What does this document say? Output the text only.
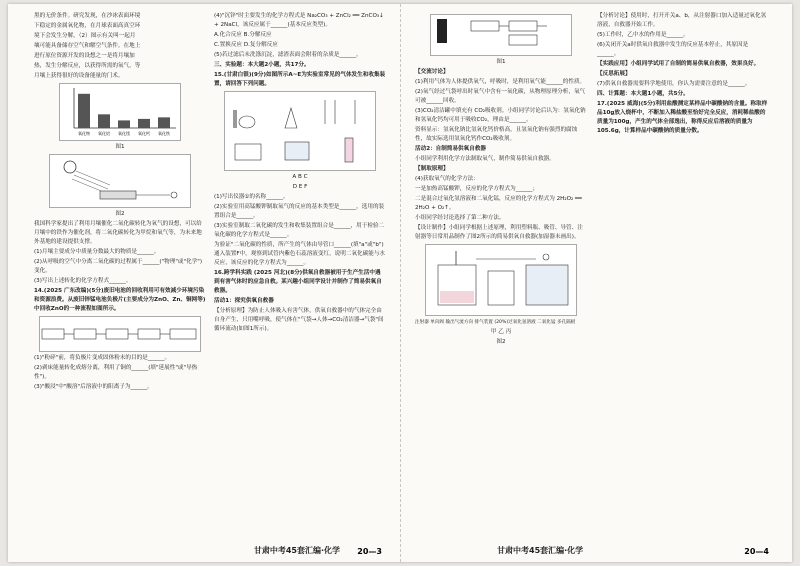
黑的无价条件。研究发现，在沙冰表面环境

下稳定的金属氧化物，在月球表面高真空环

境下会发生分解，（2）图示有关叫一起月

壤可能具备储存空气和解空气条件。在地上

进行原位资源开发的设想之一是将月壤加

热，发生分解反应，以获得所需的氧气，等

月壤上获得很好的设备能量的门术。

氧化物 氧化铝 氧化镁 氧化钙 氧化铁

图1

图2

我国科学家提出了利用月壤催化二氧化碳转化为氧气的设想，可以给月壤中的铁作为催化剂，将二氧化碳转化为甲烷和氧气等，为未来地外基地的建设提供支撑。

(1)月壤主要成分中质量分数最大的物质是______。

(2)从呼吸的空气中分离二氧化碳的过程属于______("物理"或"化学")变化。

(3)写出上述转化的化学方程式______。

14.(2025 广东改编)(5分)废旧电池的回收利用可有效减少环境污染和资源浪费。从废旧锌锰电池负极片(主要成分为ZnO、Zn、铜网等)中回收ZnO的一种流程如图所示。

(1)"粉碎"前，将负极片变成固体粉末的目的是______。

(2)剥床能量转化成熔分离，利用了铜的______(填"延展性"或"导热性")。

(3)"酸浸"中"酸溶"后溶液中的阳离子为______。

(4)"沉锌"时主要发生的化学方程式是 Na₂CO₃ + ZnCl₂ ══ ZnCO₃↓ + 2NaCl，该反应属于______(基本反应类型)。

A.化合反应 B.分解反应

C.置换反应 D.复分解反应

(5)若过滤后未洗涤沉淀，滤渣表面会附着的杂质是______。

三、实验题：本大题2小题，共17分。

15.(甘肃白银)(9分)如图所示A~E为实验室常见的气体发生和收集装置，请回答下列问题。

A B C

D E F

(1)写出仪器①的名称______。

(2)实验室用高锰酸钾制取氧气的反应的基本类型是______，选用的装置组合是______。

(3)实验室制取二氧化碳的发生和收集装置组合是______，用于检验二氧化碳的化学方程式是______。

为验证"二氧化碳的性质，所产生的气体由导管口______(填"a"或"b")通入装置F中，观察到试管内紫色石蕊溶液变红，说明二氧化碳能与水反应，该反应的化学方程式为______。

16.跨学科实践 (2025 河北)(8分)供氧自救器被用于生产生活中遇到有害气体时的应急自救。某兴趣小组同学设计并制作了简易供氧自救器。

活动1：探究供氧自救器

【分析原理】为防止人体吸入有害气体，供氧自救器中的气体完全由自身产生，只用嘴呼吸，使气体在"气袋→人体→CO₂清洁器→气袋"间循环流动(如图1所示)。

甘肃中考45套汇编·化学 20—3

图1

【交流讨论】

(1)利用气体为人体提供氧气，呼吸时，是利用氧气能______的性质。

(2)氧气经过气袋呼出时氧气中含有一氧化碳，从物理原理分析，氧气可被______回收。

(3)CO₂清洁罐中填充有 CO₂吸收剂。小组同学讨论后认为：氢氧化钠和氢氧化钙均可用于吸收CO₂，理由是______。

资料显示：氢氧化钠比氢氧化钙价格高，且氢氧化钠有强烈的腐蚀性，故实际选用氢氧化钙作CO₂吸收剂。

活动2：自制简易供氧自救器

小组同学利用化学方法制取氧气，制作简易供氧自救器。

【制取原理】

(4)获取氧气的化学方法：

一是加热高锰酸钾，反应的化学方程式为______；

二是混合过氧化氢溶液和二氧化锰，反应的化学方程式为 2H₂O₂ ══ 2H₂O + O₂↑。

小组同学经讨论选择了第二种方法。

【设计制作】小组同学根据上述原理，利用塑料瓶、吸管、导管、注射器等日常用品制作了图2所示的简易供氧自救器(加湿器未画出)。

注射器 单向阀 输出气流方向 排气装置 (20%)过氧化氢溶液 二氧化锰 多孔隔板

甲 乙 丙

图2

【分析讨论】使用时，打开开关a、b，从注射器口加入适量过氧化氢溶液，自救器开始工作。

(5)工作时，乙中水的作用是______。

(6)关闭开关a时供氧自救器中发生的反应基本停止，其原因是______。

【实践应用】小组同学试用了自制的简易供氧自救器，效果良好。

【反思拓展】

(7)供氧自救器需要科学地使用，你认为需要注意的是______。

四、计算题：本大题1小题，共5分。

17.(2025 威海)(5分)利用盐酸测定某样品中碳酸钠的含量。称取样品10g放入烧杯中，不断加入稀盐酸至恰好完全反应，消耗稀盐酸的质量为100g，产生的气体全部逸出，称得反应后溶液的质量为105.6g，计算样品中碳酸钠的质量分数。

甘肃中考45套汇编·化学	20—4
